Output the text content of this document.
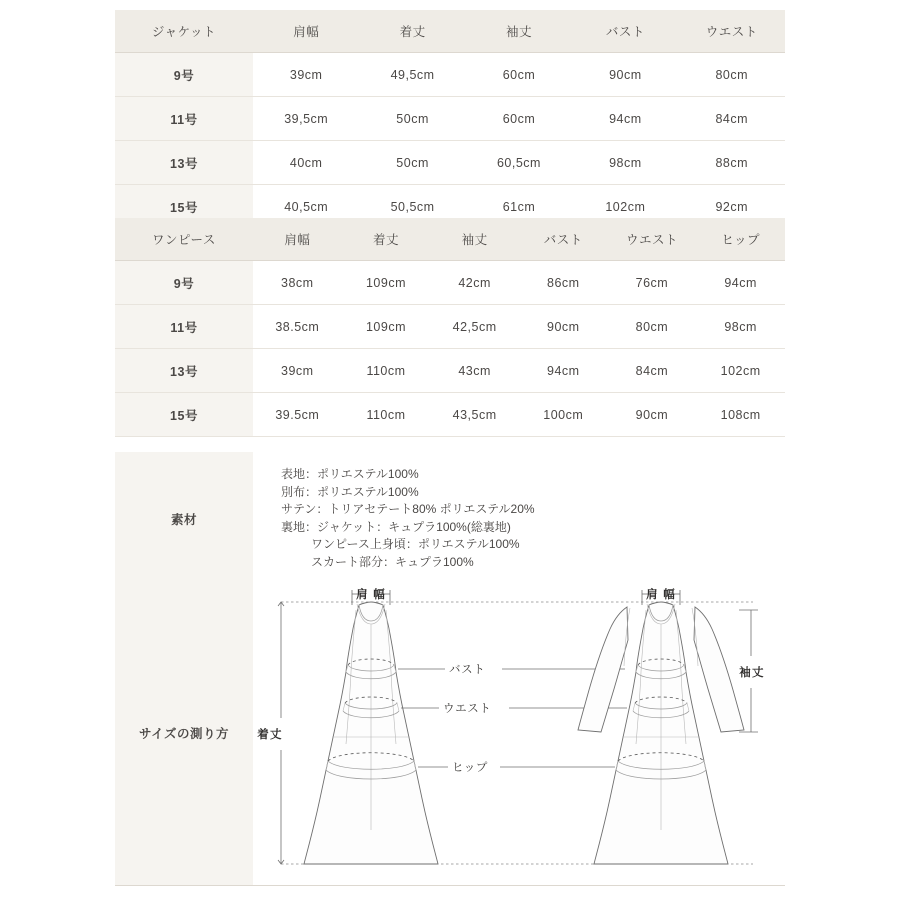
ジャケット	肩幅	着丈	袖丈	バスト	ウエスト
9号	39cm	49,5cm	60cm	90cm	80cm
11号	39,5cm	50cm	60cm	94cm	84cm
13号	40cm	50cm	60,5cm	98cm	88cm
15号	40,5cm	50,5cm	61cm	102cm	92cm
ワンピース	肩幅	着丈	袖丈	バスト	ウエスト	ヒップ
9号	38cm	109cm	42cm	86cm	76cm	94cm
11号	38.5cm	109cm	42,5cm	90cm	80cm	98cm
13号	39cm	110cm	43cm	94cm	84cm	102cm
15号	39.5cm	110cm	43,5cm	100cm	90cm	108cm
素材
表地：ポリエステル100%
別布：ポリエステル100%
サテン：トリアセテート80% ポリエステル20%
裏地：ジャケット：キュプラ100%(総裏地)
ワンピース上身頃：ポリエステル100%
スカート部分：キュプラ100%
サイズの測り方
肩 幅
着丈
バスト
ウエスト
ヒップ
肩 幅
袖丈
